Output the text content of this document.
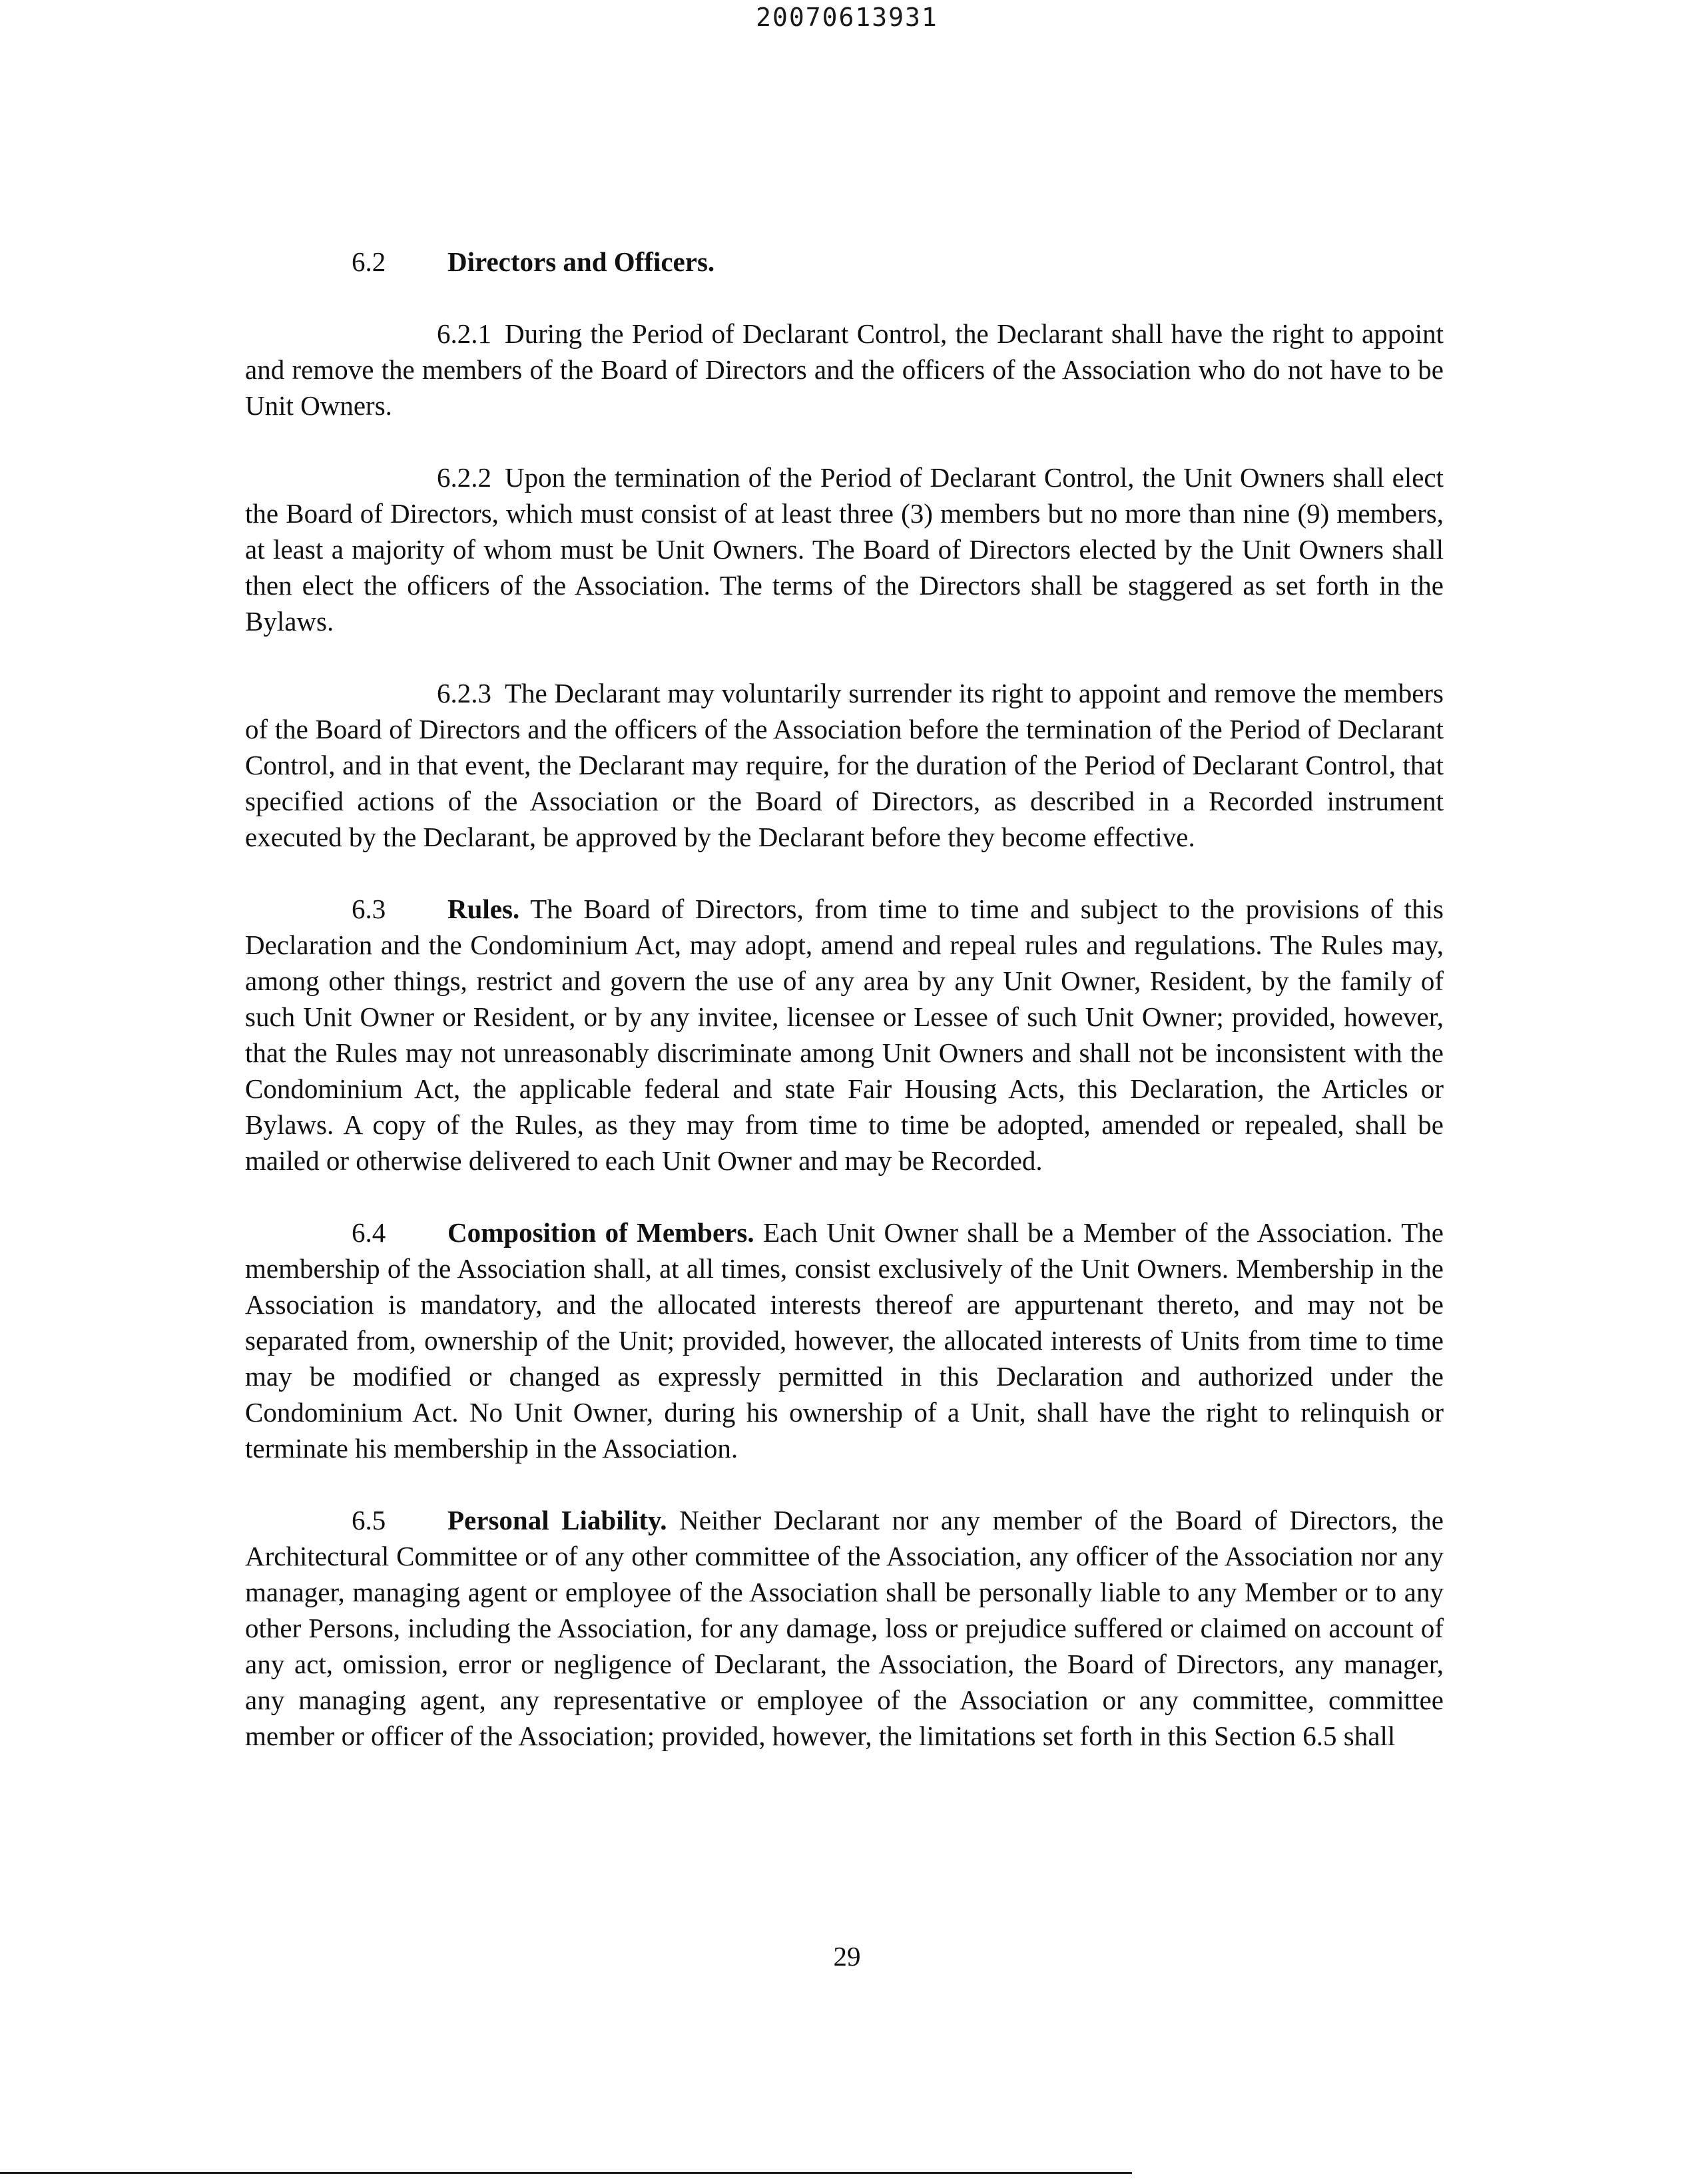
20070613931

6.2 Directors and Officers.

6.2.1 During the Period of Declarant Control, the Declarant shall have the right to appoint and remove the members of the Board of Directors and the officers of the Association who do not have to be Unit Owners.

6.2.2 Upon the termination of the Period of Declarant Control, the Unit Owners shall elect the Board of Directors, which must consist of at least three (3) members but no more than nine (9) members, at least a majority of whom must be Unit Owners. The Board of Directors elected by the Unit Owners shall then elect the officers of the Association. The terms of the Directors shall be staggered as set forth in the Bylaws.

6.2.3 The Declarant may voluntarily surrender its right to appoint and remove the members of the Board of Directors and the officers of the Association before the termination of the Period of Declarant Control, and in that event, the Declarant may require, for the duration of the Period of Declarant Control, that specified actions of the Association or the Board of Directors, as described in a Recorded instrument executed by the Declarant, be approved by the Declarant before they become effective.

6.3 Rules. The Board of Directors, from time to time and subject to the provisions of this Declaration and the Condominium Act, may adopt, amend and repeal rules and regulations. The Rules may, among other things, restrict and govern the use of any area by any Unit Owner, Resident, by the family of such Unit Owner or Resident, or by any invitee, licensee or Lessee of such Unit Owner; provided, however, that the Rules may not unreasonably discriminate among Unit Owners and shall not be inconsistent with the Condominium Act, the applicable federal and state Fair Housing Acts, this Declaration, the Articles or Bylaws. A copy of the Rules, as they may from time to time be adopted, amended or repealed, shall be mailed or otherwise delivered to each Unit Owner and may be Recorded.

6.4 Composition of Members. Each Unit Owner shall be a Member of the Association. The membership of the Association shall, at all times, consist exclusively of the Unit Owners. Membership in the Association is mandatory, and the allocated interests thereof are appurtenant thereto, and may not be separated from, ownership of the Unit; provided, however, the allocated interests of Units from time to time may be modified or changed as expressly permitted in this Declaration and authorized under the Condominium Act. No Unit Owner, during his ownership of a Unit, shall have the right to relinquish or terminate his membership in the Association.

6.5 Personal Liability. Neither Declarant nor any member of the Board of Directors, the Architectural Committee or of any other committee of the Association, any officer of the Association nor any manager, managing agent or employee of the Association shall be personally liable to any Member or to any other Persons, including the Association, for any damage, loss or prejudice suffered or claimed on account of any act, omission, error or negligence of Declarant, the Association, the Board of Directors, any manager, any managing agent, any representative or employee of the Association or any committee, committee member or officer of the Association; provided, however, the limitations set forth in this Section 6.5 shall

29
